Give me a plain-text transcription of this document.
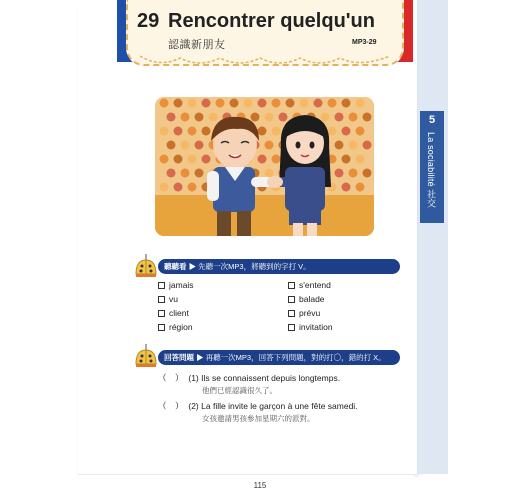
5
La sociabilité 社交
29 Rencontrer quelqu'un
認識新朋友	MP3-29
聽聽看 ▶ 先聽一次MP3，將聽到的字打 V。
jamais
vu
client
région
s'entend
balade
prévu
invitation
回答問題 ▶ 再聽一次MP3，回答下列問題，對的打〇，錯的打 X。
（　） (1) Ils se connaissent depuis longtemps.
他們已經認識很久了。
（　） (2) La fille invite le garçon à une fête samedi.
女孩邀請男孩參加星期六的派對。
115
